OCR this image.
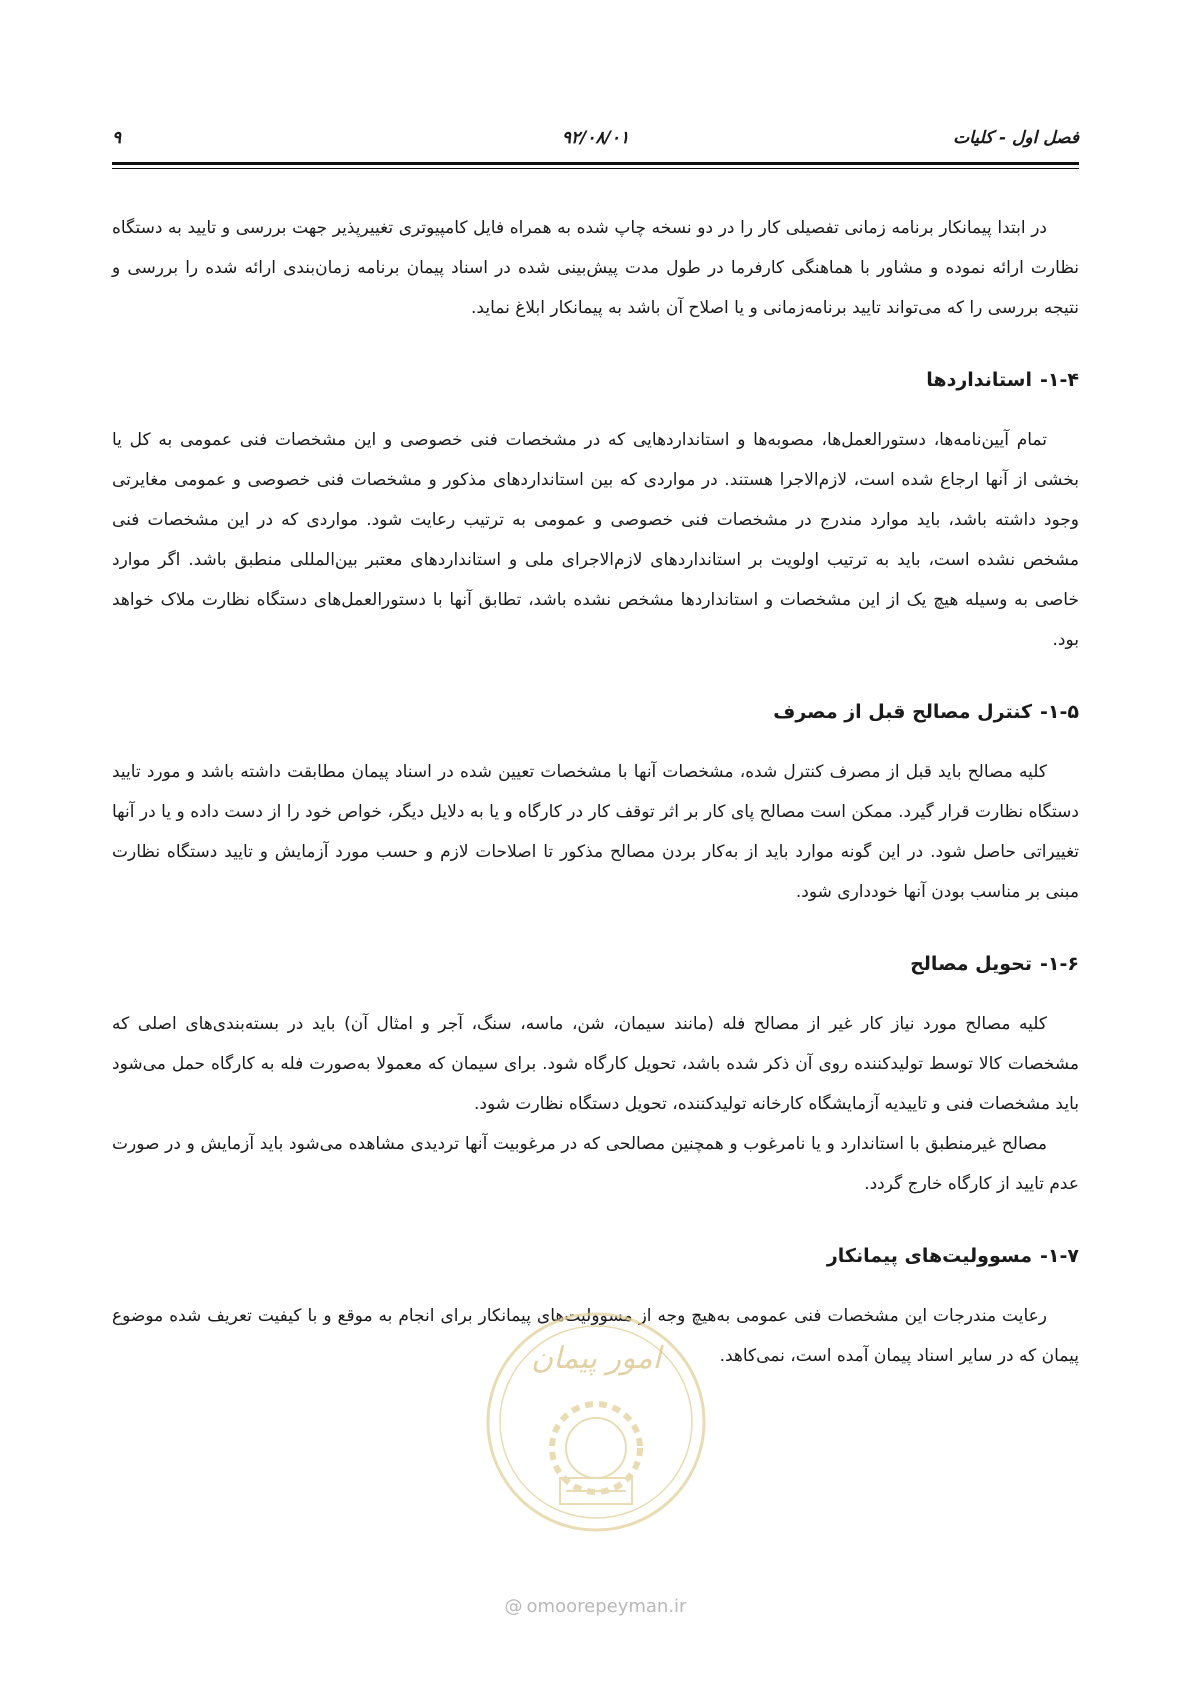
فصل اول - کلیات
۹۲/۰۸/۰۱
۹

در ابتدا پیمانکار برنامه زمانی تفصیلی کار را در دو نسخه چاپ شده به همراه فایل کامپیوتری تغییرپذیر جهت بررسی و تایید به دستگاه نظارت ارائه نموده و مشاور با هماهنگی کارفرما در طول مدت پیش‌بینی شده در اسناد پیمان برنامه زمان‌بندی ارائه شده را بررسی و نتیجه بررسی را که می‌تواند تایید برنامه‌زمانی و یا اصلاح آن باشد به پیمانکار ابلاغ نماید.

۱-۴-استانداردها

تمام آیین‌نامه‌ها، دستورالعمل‌ها، مصوبه‌ها و استانداردهایی که در مشخصات فنی خصوصی و این مشخصات فنی عمومی به کل یا بخشی از آنها ارجاع شده است، لازم‌الاجرا هستند. در مواردی که بین استانداردهای مذکور و مشخصات فنی خصوصی و عمومی مغایرتی وجود داشته باشد، باید موارد مندرج در مشخصات فنی خصوصی و عمومی به ترتیب رعایت شود. مواردی که در این مشخصات فنی مشخص نشده است، باید به ترتیب اولویت بر استانداردهای لازم‌الاجرای ملی و استانداردهای معتبر بین‌المللی منطبق باشد. اگر موارد خاصی به وسیله هیچ یک از این مشخصات و استانداردها مشخص نشده باشد، تطابق آنها با دستورالعمل‌های دستگاه نظارت ملاک خواهد بود.

۱-۵-کنترل مصالح قبل از مصرف

کلیه مصالح باید قبل از مصرف کنترل شده، مشخصات آنها با مشخصات تعیین شده در اسناد پیمان مطابقت داشته باشد و مورد تایید دستگاه نظارت قرار گیرد. ممکن است مصالح پای کار بر اثر توقف کار در کارگاه و یا به دلایل دیگر، خواص خود را از دست داده و یا در آنها تغییراتی حاصل شود. در این گونه موارد باید از به‌کار بردن مصالح مذکور تا اصلاحات لازم و حسب مورد آزمایش و تایید دستگاه نظارت مبنی بر مناسب بودن آنها خودداری شود.

۱-۶-تحویل مصالح

کلیه مصالح مورد نیاز کار غیر از مصالح فله (مانند سیمان، شن، ماسه، سنگ، آجر و امثال آن) باید در بسته‌بندی‌های اصلی که مشخصات کالا توسط تولیدکننده روی آن ذکر شده باشد، تحویل کارگاه شود. برای سیمان که معمولا به‌صورت فله به کارگاه حمل می‌شود باید مشخصات فنی و تاییدیه آزمایشگاه کارخانه تولیدکننده، تحویل دستگاه نظارت شود.

مصالح غیرمنطبق با استاندارد و یا نامرغوب و همچنین مصالحی که در مرغوبیت آنها تردیدی مشاهده می‌شود باید آزمایش و در صورت عدم تایید از کارگاه خارج گردد.

۱-۷-مسوولیت‌های پیمانکار

رعایت مندرجات این مشخصات فنی عمومی به‌هیچ وجه از مسوولیت‌های پیمانکار برای انجام به موقع و با کیفیت تعریف شده موضوع پیمان که در سایر اسناد پیمان آمده است، نمی‌کاهد.

امور پیمان
@ omoorepeyman.ir
